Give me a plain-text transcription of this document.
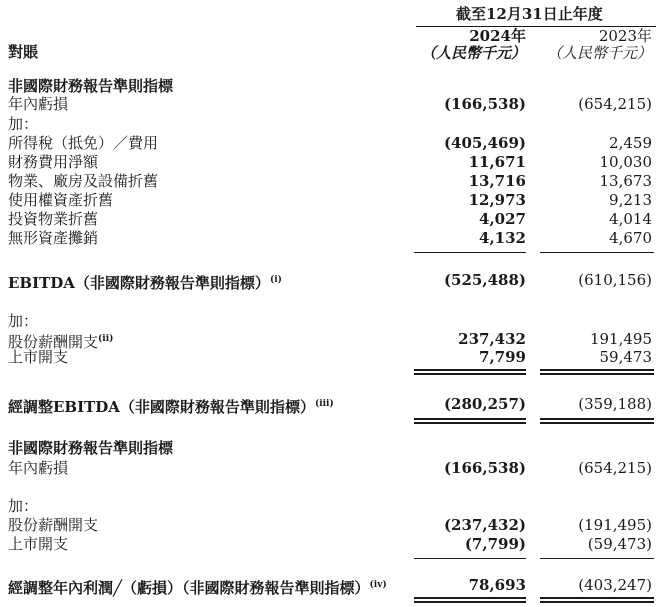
截至12月31日止年度
對賬
2024年	2023年
（人民幣千元） （人民幣千元）
非國際財務報告準則指標
年內虧損	(166,538)	(654,215)
加：
所得稅（抵免）／費用	(405,469)	2,459
財務費用淨額	11,671	10,030
物業、廠房及設備折舊	13,716	13,673
使用權資產折舊	12,973	9,213
投資物業折舊	4,027	4,014
無形資產攤銷	4,132	4,670
EBITDA（非國際財務報告準則指標）$^{(i)}$	(525,488)	(610,156)
加：
股份薪酬開支$^{(ii)}$	237,432	191,495
上市開支	7,799	59,473
經調整EBITDA（非國際財務報告準則指標）$^{(iii)}$	(280,257)	(359,188)
非國際財務報告準則指標
年內虧損	(166,538)	(654,215)
加：
股份薪酬開支	(237,432)	(191,495)
上市開支	(7,799)	(59,473)
經調整年內利潤╱（虧損）（非國際財務報告準則指標）$^{(iv)}$	78,693	(403,247)
